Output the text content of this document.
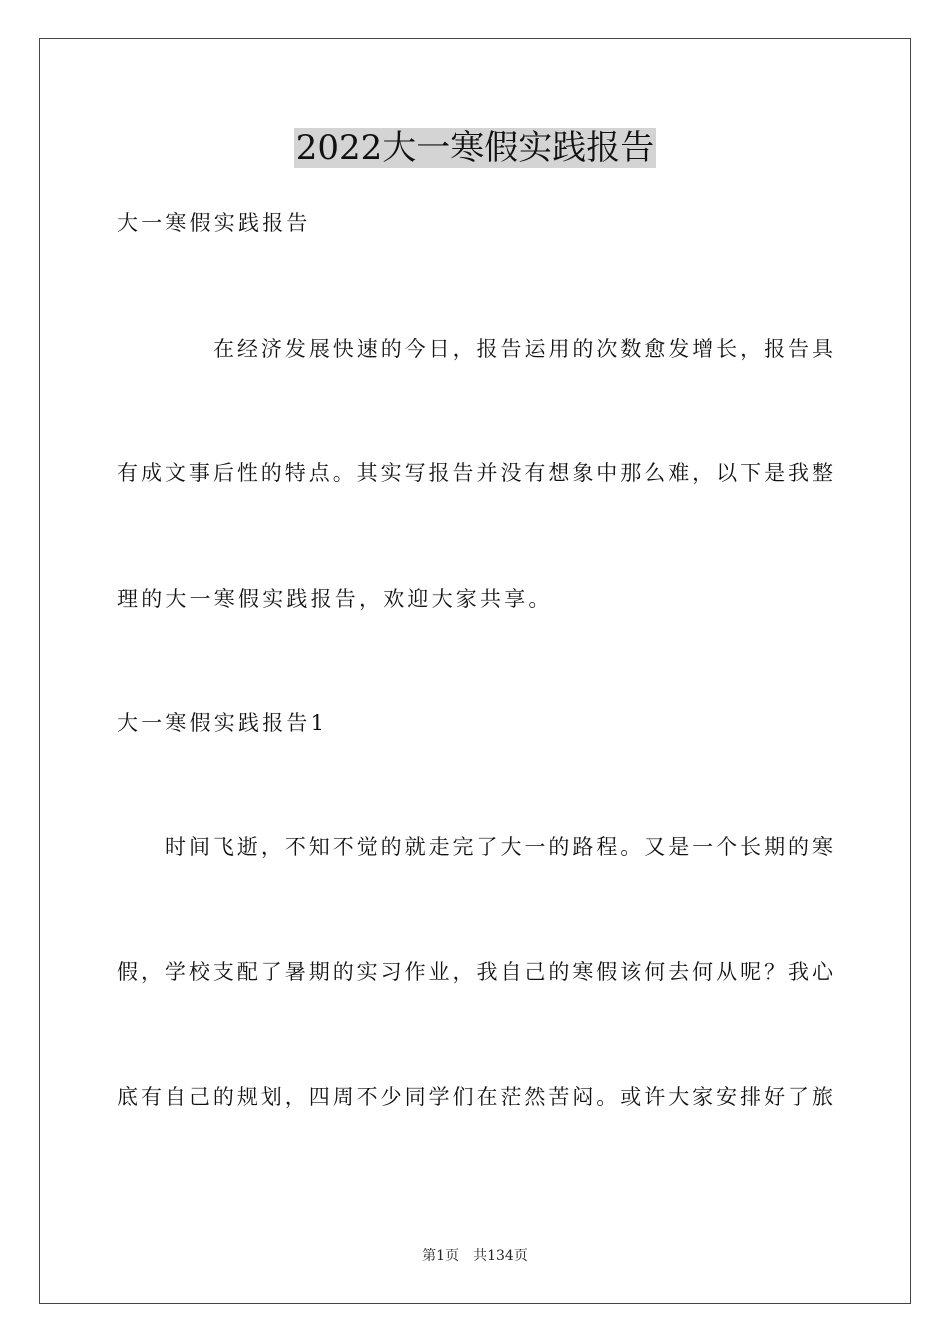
2022大一寒假实践报告

大一寒假实践报告

在经济发展快速的今日，报告运用的次数愈发增长，报告具

有成文事后性的特点。其实写报告并没有想象中那么难，以下是我整

理的大一寒假实践报告，欢迎大家共享。

大一寒假实践报告1

时间飞逝，不知不觉的就走完了大一的路程。又是一个长期的寒

假，学校支配了暑期的实习作业，我自己的寒假该何去何从呢？我心

底有自己的规划，四周不少同学们在茫然苦闷。或许大家安排好了旅

第1页 共134页
